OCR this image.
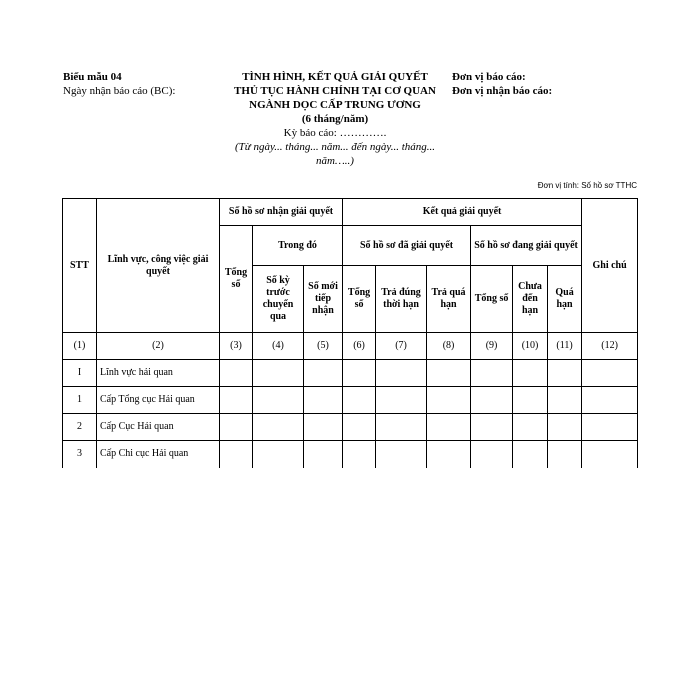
Biểu mẫu 04
Ngày nhận báo cáo (BC):
TÌNH HÌNH, KẾT QUẢ GIẢI QUYẾT
THỦ TỤC HÀNH CHÍNH TẠI CƠ QUAN
NGÀNH DỌC CẤP TRUNG ƯƠNG
(6 tháng/năm)
Kỳ báo cáo: ………….
(Từ ngày... tháng... năm... đến ngày... tháng...
năm…..)
Đơn vị báo cáo:
Đơn vị nhận báo cáo:
Đơn vị tính: Số hồ sơ TTHC
STT	Lĩnh vực, công việc giải quyết	Số hồ sơ nhận giải quyết			Kết quả giải quyết						Ghi chú
		Tổng số	Trong đó		Số hồ sơ đã giải quyết			Số hồ sơ đang giải quyết			

			Số kỳ trước chuyển qua	Số mới tiếp nhận	Tổng số	Trả đúng thời hạn	Trả quá hạn	Tổng số	Chưa đến hạn	Quá hạn	
(1)	(2)	(3)	(4)	(5)	(6)	(7)	(8)	(9)	(10)	(11)	(12)
I	Lĩnh vực hải quan										
1	Cấp Tổng cục Hải quan										
2	Cấp Cục Hải quan										
3	Cấp Chi cục Hải quan										
